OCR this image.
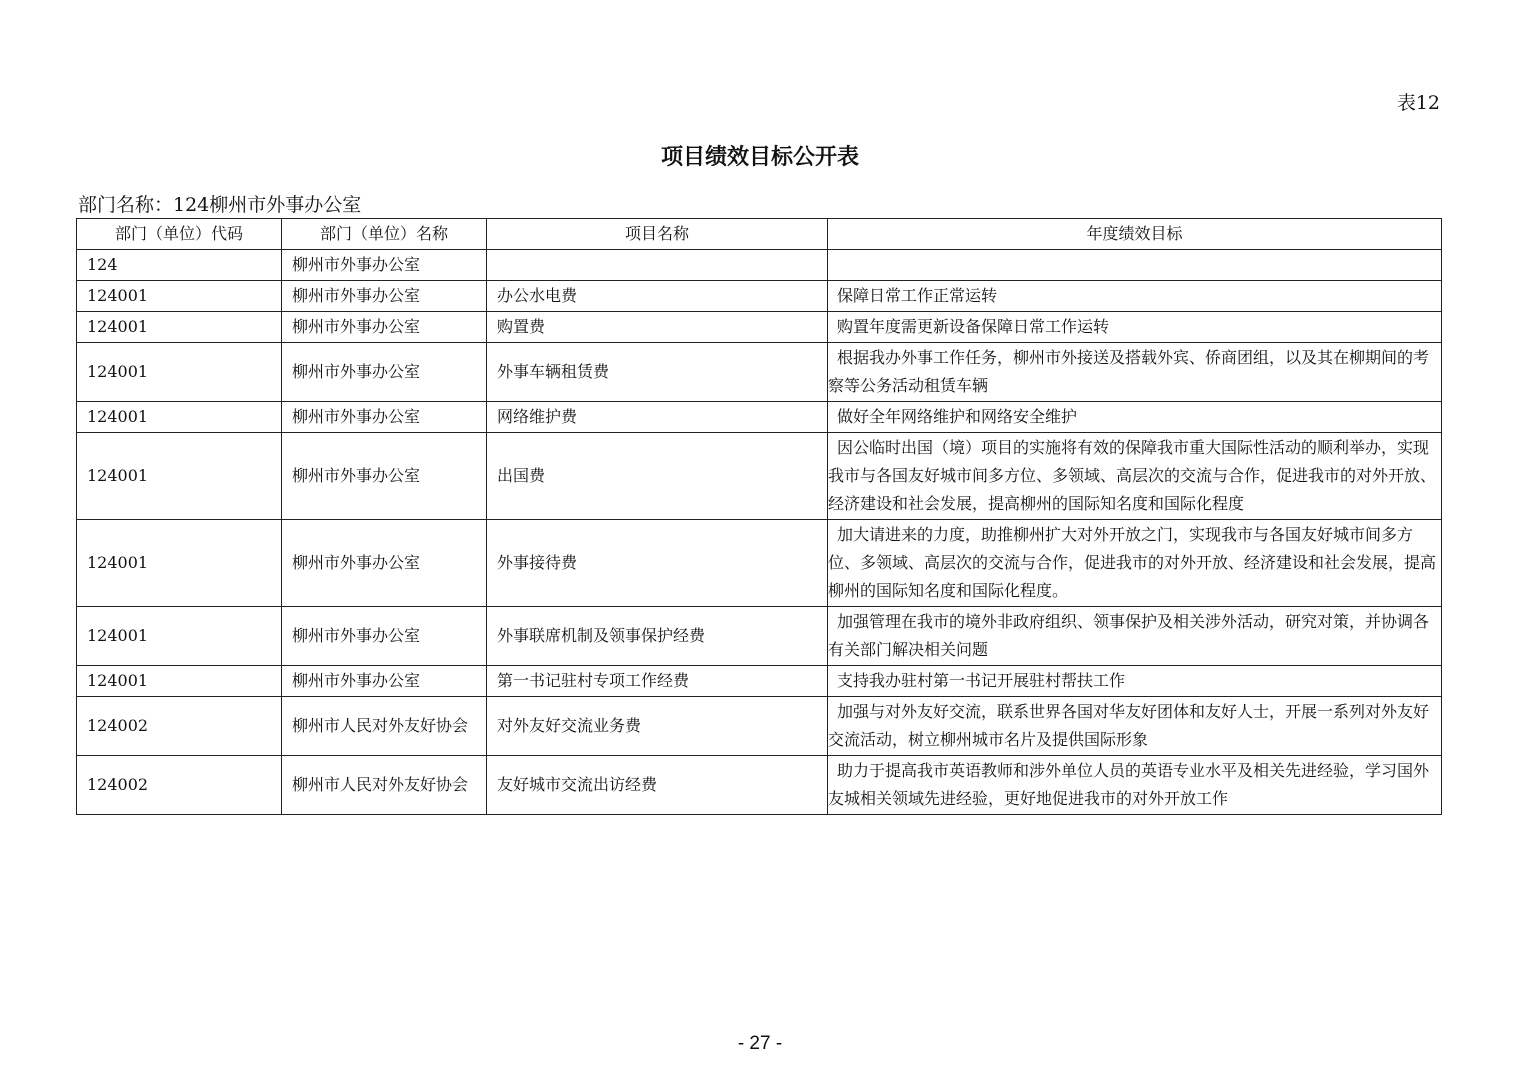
表12
项目绩效目标公开表
部门名称：124柳州市外事办公室
部门（单位）代码	部门（单位）名称	项目名称	年度绩效目标
124	柳州市外事办公室		
124001	柳州市外事办公室	办公水电费	保障日常工作正常运转
124001	柳州市外事办公室	购置费	购置年度需更新设备保障日常工作运转
124001	柳州市外事办公室	外事车辆租赁费	根据我办外事工作任务，柳州市外接送及搭载外宾、侨商团组，以及其在柳期间的考察等公务活动租赁车辆
124001	柳州市外事办公室	网络维护费	做好全年网络维护和网络安全维护
124001	柳州市外事办公室	出国费	因公临时出国（境）项目的实施将有效的保障我市重大国际性活动的顺利举办，实现我市与各国友好城市间多方位、多领域、高层次的交流与合作，促进我市的对外开放、经济建设和社会发展，提高柳州的国际知名度和国际化程度
124001	柳州市外事办公室	外事接待费	加大请进来的力度，助推柳州扩大对外开放之门，实现我市与各国友好城市间多方位、多领域、高层次的交流与合作，促进我市的对外开放、经济建设和社会发展，提高柳州的国际知名度和国际化程度。
124001	柳州市外事办公室	外事联席机制及领事保护经费	加强管理在我市的境外非政府组织、领事保护及相关涉外活动，研究对策，并协调各有关部门解决相关问题
124001	柳州市外事办公室	第一书记驻村专项工作经费	支持我办驻村第一书记开展驻村帮扶工作
124002	柳州市人民对外友好协会	对外友好交流业务费	加强与对外友好交流，联系世界各国对华友好团体和友好人士，开展一系列对外友好交流活动，树立柳州城市名片及提供国际形象
124002	柳州市人民对外友好协会	友好城市交流出访经费	助力于提高我市英语教师和涉外单位人员的英语专业水平及相关先进经验，学习国外友城相关领域先进经验，更好地促进我市的对外开放工作
- 27 -
